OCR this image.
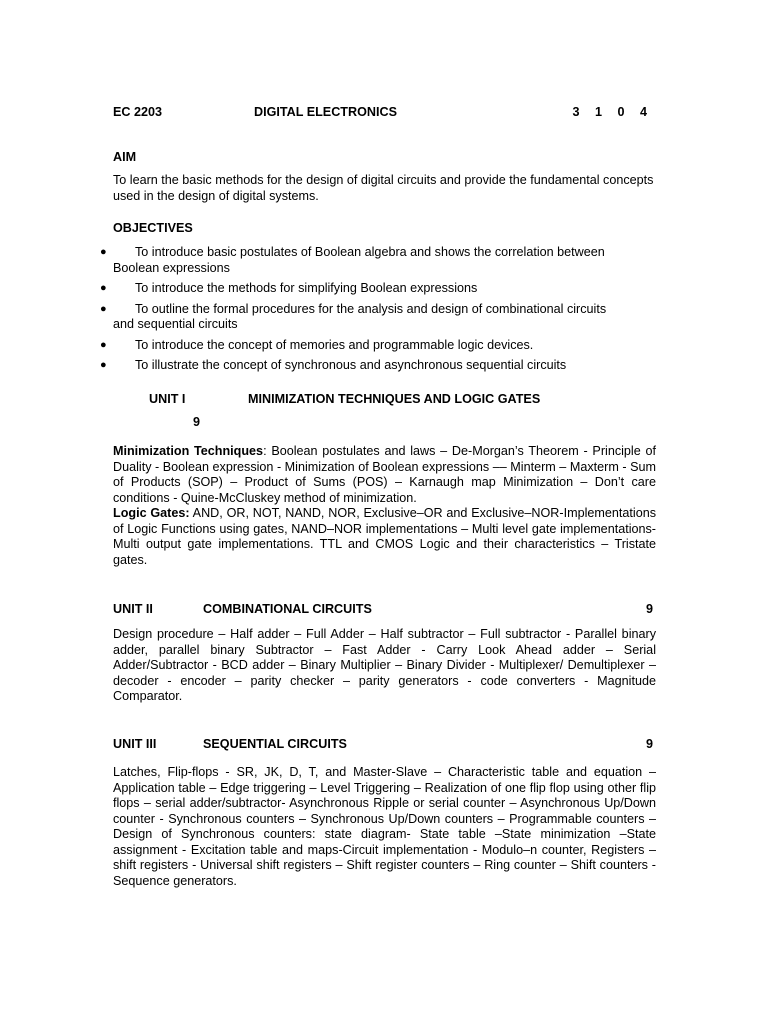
EC 2203	DIGITAL ELECTRONICS	3 1 0 4
AIM
To learn the basic methods for the design of digital circuits and provide the fundamental concepts used in the design of digital systems.
OBJECTIVES
●	To introduce basic postulates of Boolean algebra and shows the correlation between
Boolean expressions
●	To introduce the methods for simplifying Boolean expressions
●	To outline the formal procedures for the analysis and design of combinational circuits
and sequential circuits
●	To introduce the concept of memories and programmable logic devices.
●	To illustrate the concept of synchronous and asynchronous sequential circuits
UNIT I	MINIMIZATION TECHNIQUES AND LOGIC GATES
9
Minimization Techniques: Boolean postulates and laws – De-Morgan’s Theorem - Principle of Duality - Boolean expression - Minimization of Boolean expressions –– Minterm – Maxterm - Sum of Products (SOP) – Product of Sums (POS) – Karnaugh map Minimization – Don’t care conditions - Quine-McCluskey method of minimization.
Logic Gates: AND, OR, NOT, NAND, NOR, Exclusive–OR and Exclusive–NOR-Implementations of Logic Functions using gates, NAND–NOR implementations – Multi level gate implementations- Multi output gate implementations. TTL and CMOS Logic and their characteristics – Tristate gates.
UNIT II	COMBINATIONAL CIRCUITS	9
Design procedure – Half adder – Full Adder – Half subtractor – Full subtractor - Parallel binary adder, parallel binary Subtractor – Fast Adder - Carry Look Ahead adder – Serial Adder/Subtractor - BCD adder – Binary Multiplier – Binary Divider - Multiplexer/ Demultiplexer – decoder - encoder – parity checker – parity generators - code converters - Magnitude Comparator.
UNIT III	SEQUENTIAL CIRCUITS	9
Latches, Flip-flops - SR, JK, D, T, and Master-Slave – Characteristic table and equation –Application table – Edge triggering – Level Triggering – Realization of one flip flop using other flip flops – serial adder/subtractor- Asynchronous Ripple or serial counter – Asynchronous Up/Down counter - Synchronous counters – Synchronous Up/Down counters – Programmable counters – Design of Synchronous counters: state diagram- State table –State minimization –State assignment - Excitation table and maps-Circuit implementation - Modulo–n counter, Registers – shift registers - Universal shift registers – Shift register counters – Ring counter – Shift counters - Sequence generators.
